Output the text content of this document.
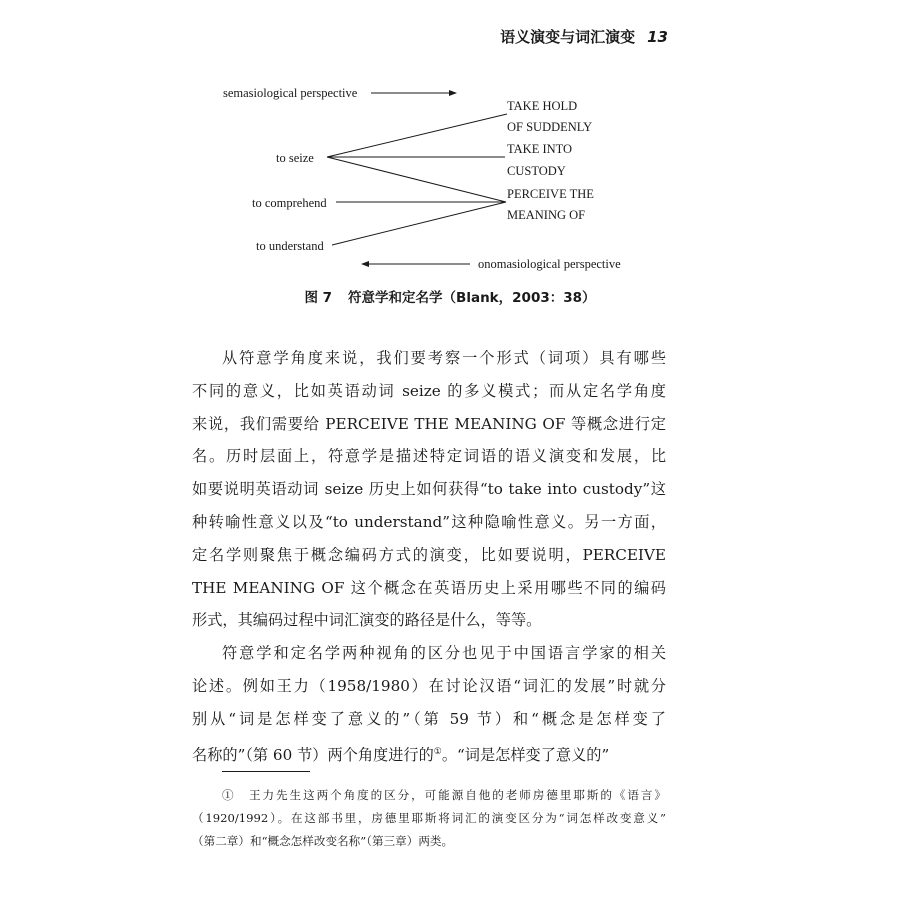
语义演变与词汇演变 13
semasiological perspective
TAKE HOLD
OF SUDDENLY
TAKE INTO
CUSTODY
PERCEIVE THE
MEANING OF
to seize
to comprehend
to understand
onomasiological perspective
图 7 符意学和定名学（Blank，2003：38）
从符意学角度来说，我们要考察一个形式（词项）具有哪些
不同的意义，比如英语动词 seize 的多义模式；而从定名学角度
来说，我们需要给 PERCEIVE THE MEANING OF 等概念进行定
名。历时层面上，符意学是描述特定词语的语义演变和发展，比
如要说明英语动词 seize 历史上如何获得“to take into custody”这
种转喻性意义以及“to understand”这种隐喻性意义。另一方面，
定名学则聚焦于概念编码方式的演变，比如要说明，PERCEIVE
THE MEANING OF 这个概念在英语历史上采用哪些不同的编码
形式，其编码过程中词汇演变的路径是什么，等等。
符意学和定名学两种视角的区分也见于中国语言学家的相关
论述。例如王力（1958/1980）在讨论汉语“词汇的发展”时就分
别从“词是怎样变了意义的”（第 59 节）和“概念是怎样变了
名称的”（第 60 节）两个角度进行的①。“词是怎样变了意义的”
①　王力先生这两个角度的区分，可能源自他的老师房德里耶斯的《语言》
（1920/1992）。在这部书里，房德里耶斯将词汇的演变区分为“词怎样改变意义”
（第二章）和“概念怎样改变名称”（第三章）两类。
